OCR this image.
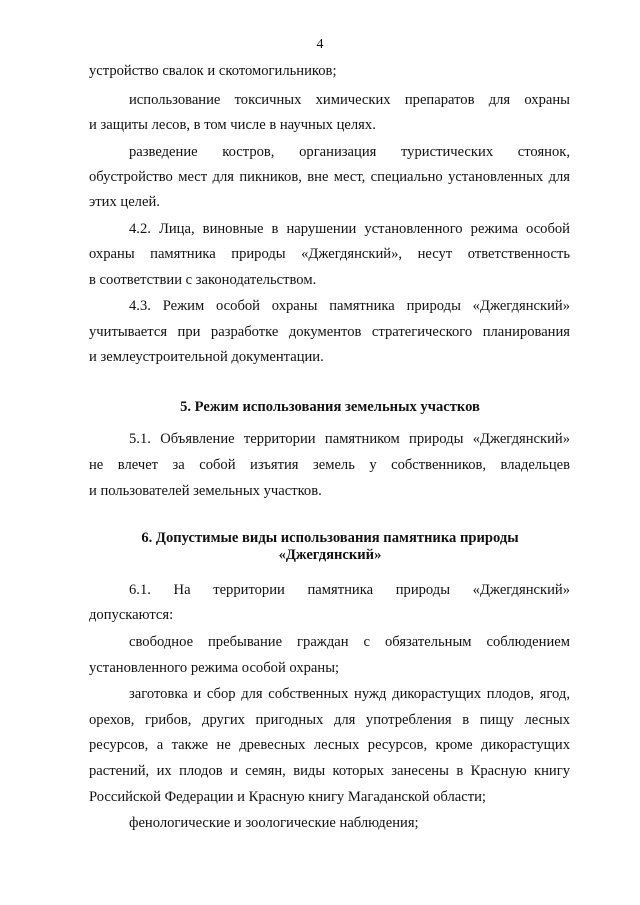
4
устройство свалок и скотомогильников;
использование токсичных химических препаратов для охраны
и защиты лесов, в том числе в научных целях.
разведение костров, организация туристических стоянок,
обустройство мест для пикников, вне мест, специально установленных для
этих целей.
4.2. Лица, виновные в нарушении установленного режима особой
охраны памятника природы «Джегдянский», несут ответственность
в соответствии с законодательством.
4.3. Режим особой охраны памятника природы «Джегдянский»
учитывается при разработке документов стратегического планирования
и землеустроительной документации.
5. Режим использования земельных участков
5.1. Объявление территории памятником природы «Джегдянский»
не влечет за собой изъятия земель у собственников, владельцев
и пользователей земельных участков.
6. Допустимые виды использования памятника природы
«Джегдянский»
6.1. На территории памятника природы «Джегдянский»
допускаются:
свободное пребывание граждан с обязательным соблюдением
установленного режима особой охраны;
заготовка и сбор для собственных нужд дикорастущих плодов, ягод,
орехов, грибов, других пригодных для употребления в пищу лесных
ресурсов, а также не древесных лесных ресурсов, кроме дикорастущих
растений, их плодов и семян, виды которых занесены в Красную книгу
Российской Федерации и Красную книгу Магаданской области;
фенологические и зоологические наблюдения;
